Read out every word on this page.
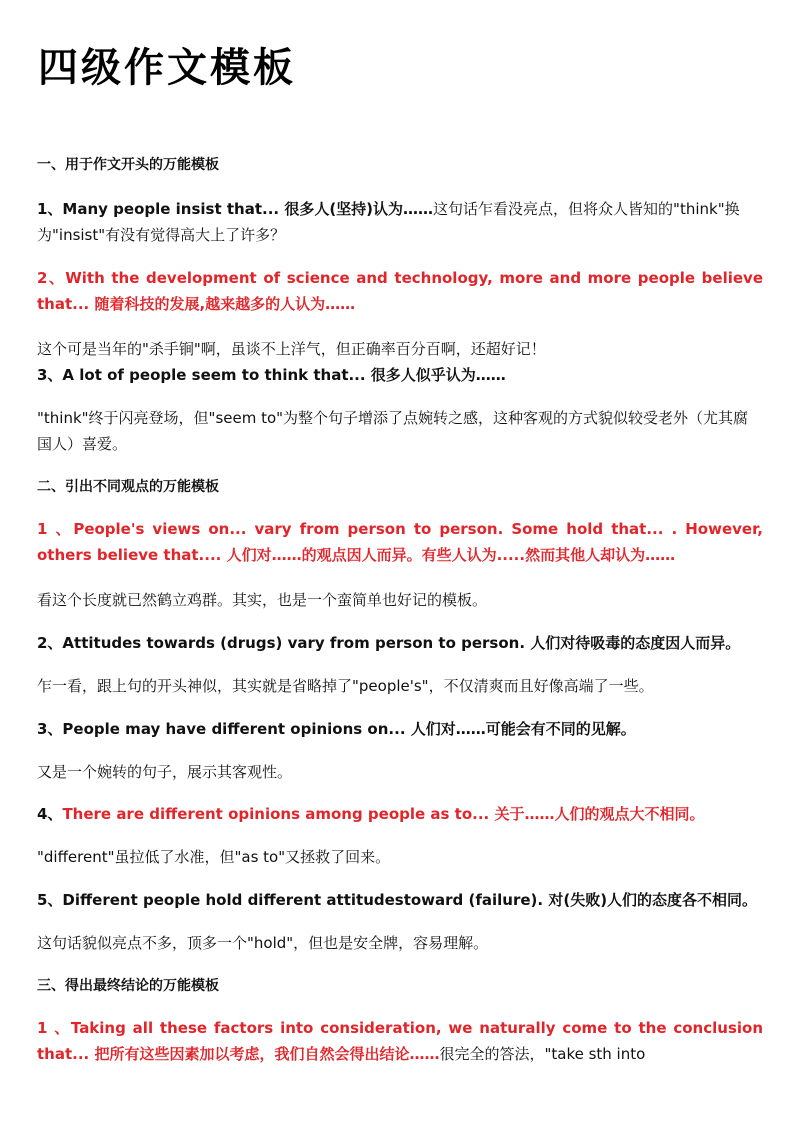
四级作文模板
一、用于作文开头的万能模板
1、Many people insist that... 很多人(坚持)认为……这句话乍看没亮点，但将众人皆知的"think"换为"insist"有没有觉得高大上了许多？
2、With the development of science and technology, more and more people believe that... 随着科技的发展,越来越多的人认为……
这个可是当年的"杀手锏"啊，虽谈不上洋气，但正确率百分百啊，还超好记！
3、A lot of people seem to think that... 很多人似乎认为……
"think"终于闪亮登场，但"seem to"为整个句子增添了点婉转之感，这种客观的方式貌似较受老外（尤其腐国人）喜爱。
二、引出不同观点的万能模板
1 、People's views on... vary from person to person. Some hold that... . However, others believe that.... 人们对……的观点因人而异。有些人认为.....然而其他人却认为……
看这个长度就已然鹤立鸡群。其实，也是一个蛮简单也好记的模板。
2、Attitudes towards (drugs) vary from person to person. 人们对待吸毒的态度因人而异。
乍一看，跟上句的开头神似，其实就是省略掉了"people's"，不仅清爽而且好像高端了一些。
3、People may have different opinions on... 人们对……可能会有不同的见解。
又是一个婉转的句子，展示其客观性。
4、There are different opinions among people as to... 关于……人们的观点大不相同。
"different"虽拉低了水准，但"as to"又拯救了回来。
5、Different people hold different attitudestoward (failure). 对(失败)人们的态度各不相同。
这句话貌似亮点不多，顶多一个"hold"，但也是安全牌，容易理解。
三、得出最终结论的万能模板
1 、Taking all these factors into consideration, we naturally come to the conclusion that... 把所有这些因素加以考虑，我们自然会得出结论……很完全的答法，"take sth into
